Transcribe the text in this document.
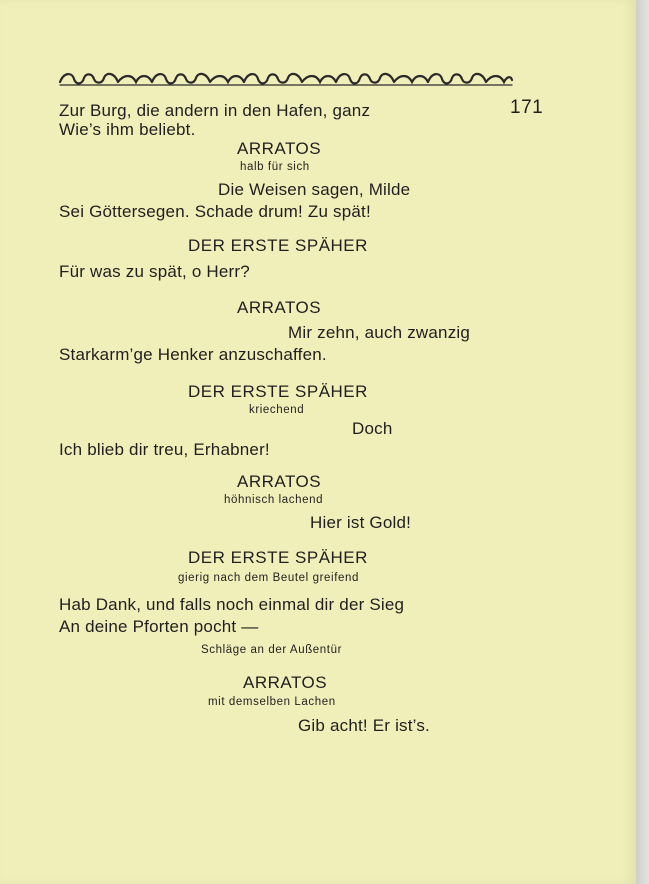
171
Zur Burg, die andern in den Hafen, ganz
Wie’s ihm beliebt.
ARRATOS
halb für sich
Die Weisen sagen, Milde
Sei Göttersegen. Schade drum! Zu spät!
DER ERSTE SPÄHER
Für was zu spät, o Herr?
ARRATOS
Mir zehn, auch zwanzig
Starkarm’ge Henker anzuschaffen.
DER ERSTE SPÄHER
kriechend
Doch
Ich blieb dir treu, Erhabner!
ARRATOS
höhnisch lachend
Hier ist Gold!
DER ERSTE SPÄHER
gierig nach dem Beutel greifend
Hab Dank, und falls noch einmal dir der Sieg
An deine Pforten pocht —
Schläge an der Außentür
ARRATOS
mit demselben Lachen
Gib acht! Er ist’s.
